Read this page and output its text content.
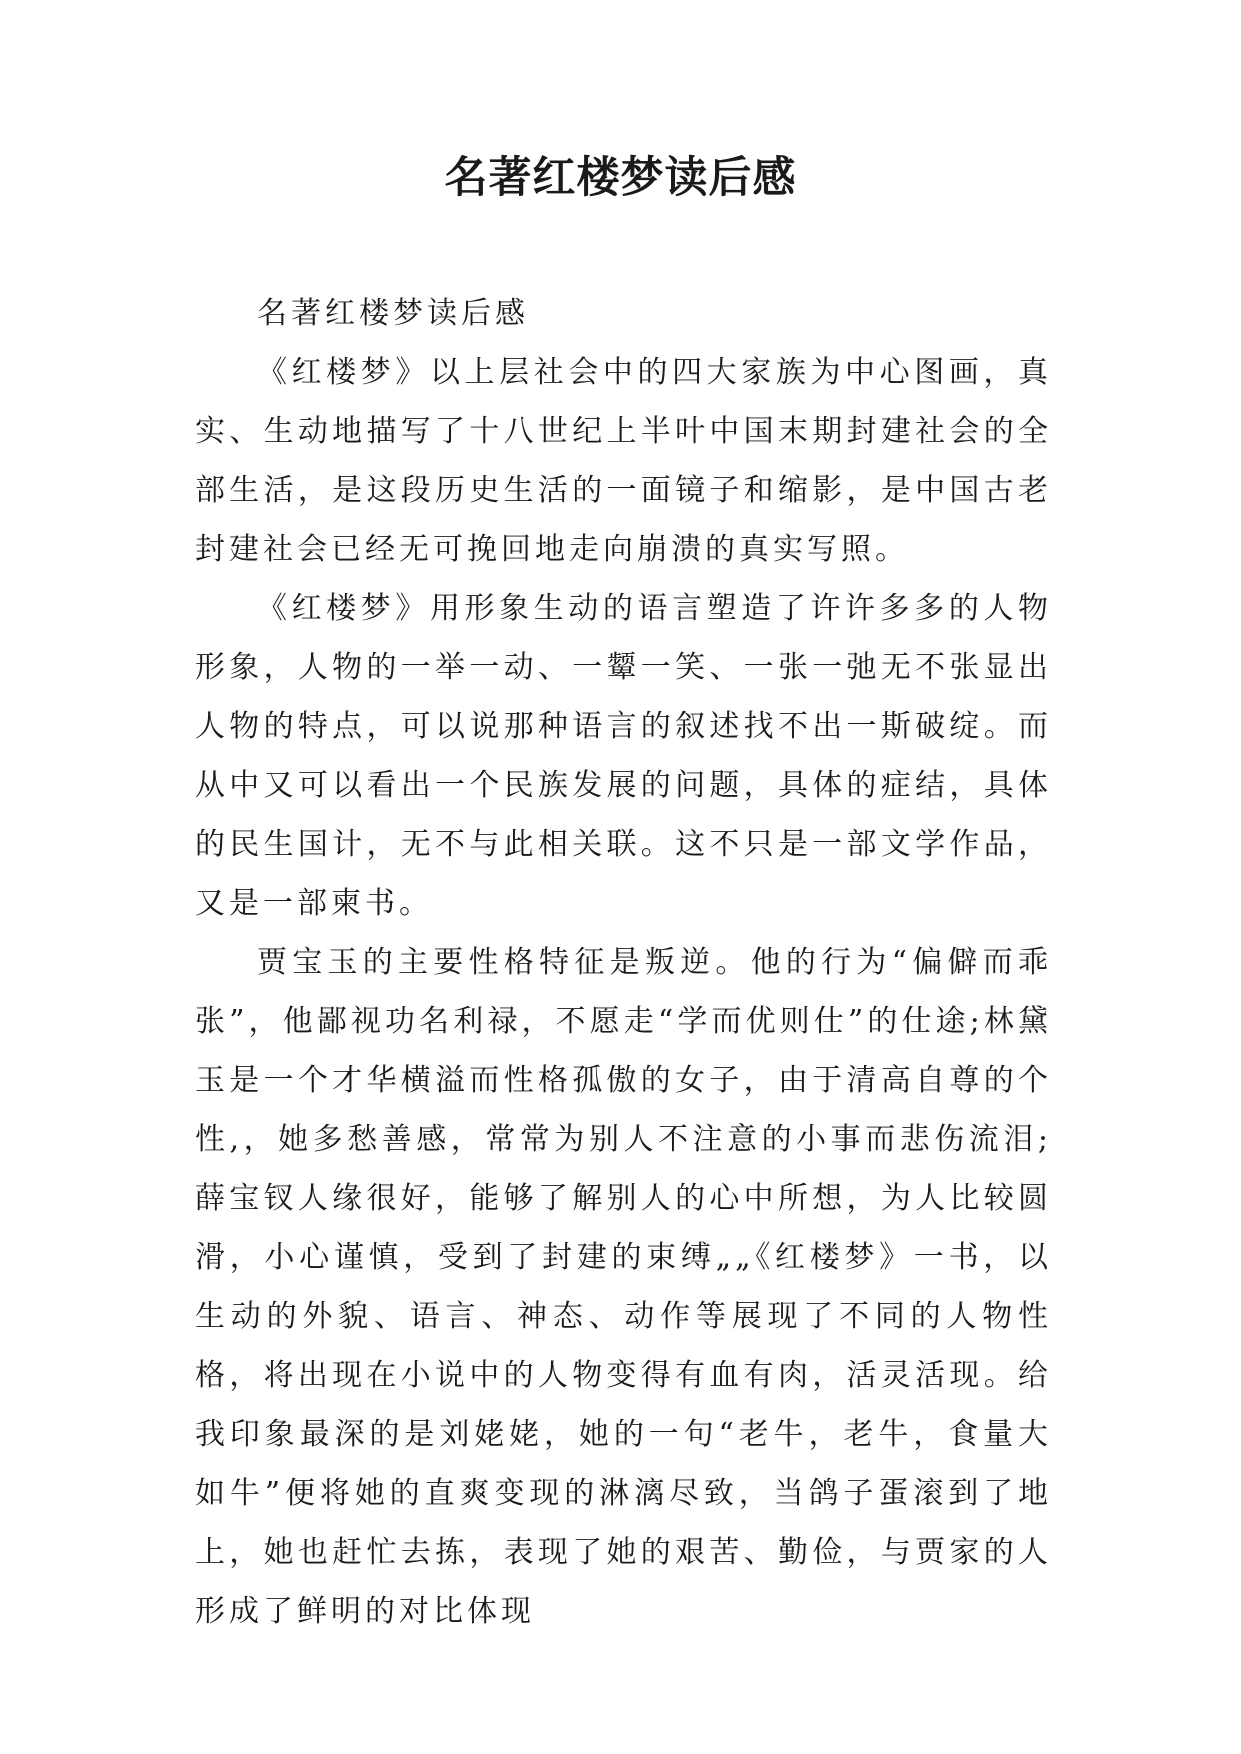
名著红楼梦读后感

名著红楼梦读后感

《红楼梦》以上层社会中的四大家族为中心图画，真实、生动地描写了十八世纪上半叶中国末期封建社会的全部生活，是这段历史生活的一面镜子和缩影，是中国古老封建社会已经无可挽回地走向崩溃的真实写照。

《红楼梦》用形象生动的语言塑造了许许多多的人物形象，人物的一举一动、一颦一笑、一张一弛无不张显出人物的特点，可以说那种语言的叙述找不出一斯破绽。而从中又可以看出一个民族发展的问题，具体的症结，具体的民生国计，无不与此相关联。这不只是一部文学作品，又是一部柬书。

贾宝玉的主要性格特征是叛逆。他的行为“偏僻而乖张”，他鄙视功名利禄，不愿走“学而优则仕”的仕途;林黛玉是一个才华横溢而性格孤傲的女子，由于清高自尊的个性,，她多愁善感，常常为别人不注意的小事而悲伤流泪;薛宝钗人缘很好，能够了解别人的心中所想，为人比较圆滑，小心谨慎，受到了封建的束缚„„《红楼梦》一书，以生动的外貌、语言、神态、动作等展现了不同的人物性格，将出现在小说中的人物变得有血有肉，活灵活现。给我印象最深的是刘姥姥，她的一句“老牛，老牛，食量大如牛”便将她的直爽变现的淋漓尽致，当鸽子蛋滚到了地上，她也赶忙去拣，表现了她的艰苦、勤俭，与贾家的人形成了鲜明的对比体现
